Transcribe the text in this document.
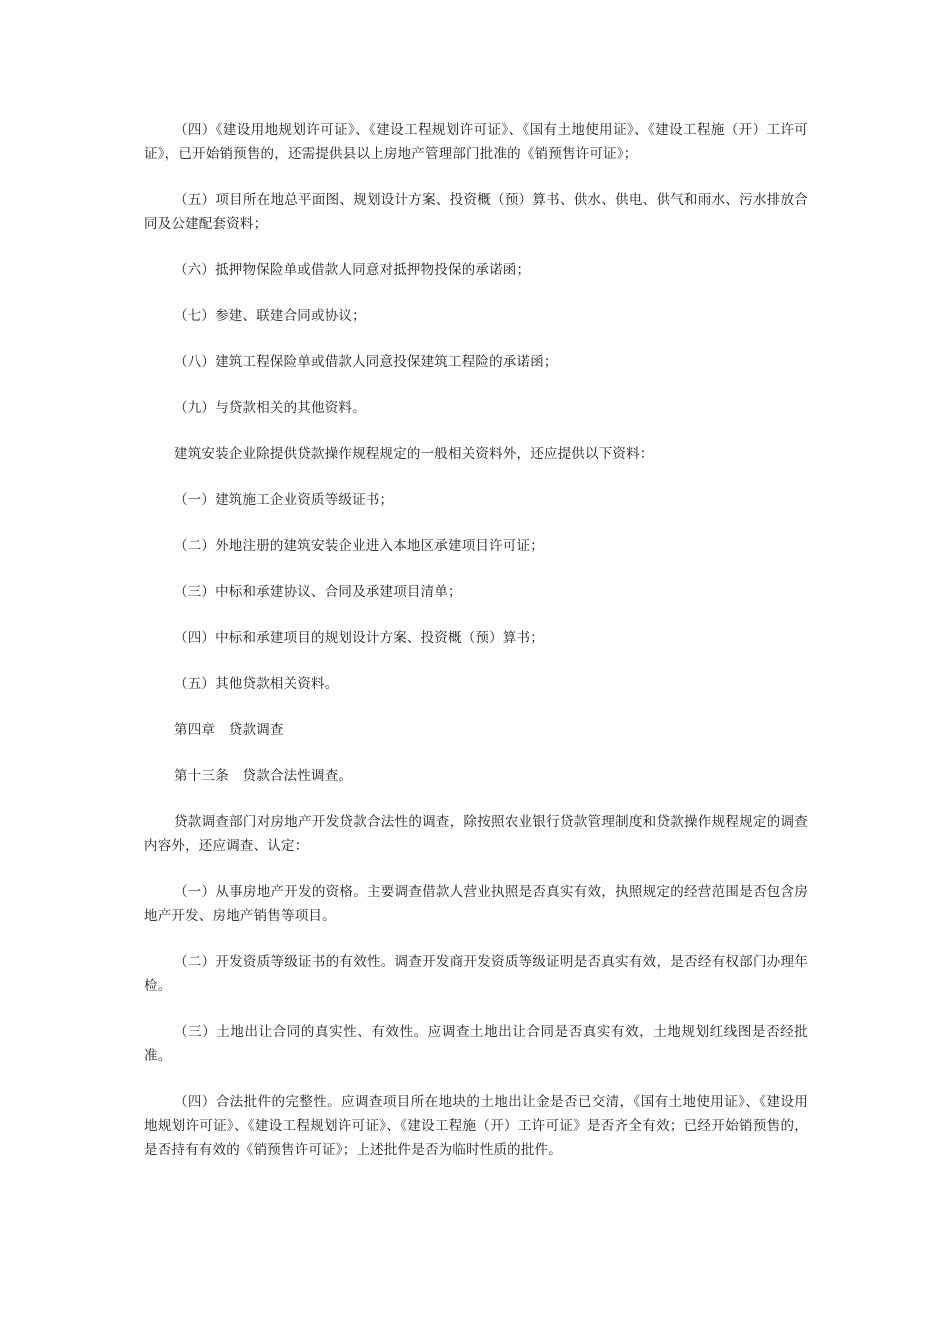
（四）《建设用地规划许可证》、《建设工程规划许可证》、《国有土地使用证》、《建设工程施（开）工许可证》，已开始销预售的，还需提供县以上房地产管理部门批准的《销预售许可证》；

（五）项目所在地总平面图、规划设计方案、投资概（预）算书、供水、供电、供气和雨水、污水排放合同及公建配套资料；

（六）抵押物保险单或借款人同意对抵押物投保的承诺函；

（七）参建、联建合同或协议；

（八）建筑工程保险单或借款人同意投保建筑工程险的承诺函；

（九）与贷款相关的其他资料。

建筑安装企业除提供贷款操作规程规定的一般相关资料外，还应提供以下资料：

（一）建筑施工企业资质等级证书；

（二）外地注册的建筑安装企业进入本地区承建项目许可证；

（三）中标和承建协议、合同及承建项目清单；

（四）中标和承建项目的规划设计方案、投资概（预）算书；

（五）其他贷款相关资料。

第四章　贷款调查

第十三条　贷款合法性调查。

贷款调查部门对房地产开发贷款合法性的调查，除按照农业银行贷款管理制度和贷款操作规程规定的调查内容外，还应调查、认定：

（一）从事房地产开发的资格。主要调查借款人营业执照是否真实有效，执照规定的经营范围是否包含房地产开发、房地产销售等项目。

（二）开发资质等级证书的有效性。调查开发商开发资质等级证明是否真实有效，是否经有权部门办理年检。

（三）土地出让合同的真实性、有效性。应调查土地出让合同是否真实有效，土地规划红线图是否经批准。

（四）合法批件的完整性。应调查项目所在地块的土地出让金是否已交清，《国有土地使用证》、《建设用地规划许可证》、《建设工程规划许可证》、《建设工程施（开）工许可证》是否齐全有效；已经开始销预售的，是否持有有效的《销预售许可证》；上述批件是否为临时性质的批件。
